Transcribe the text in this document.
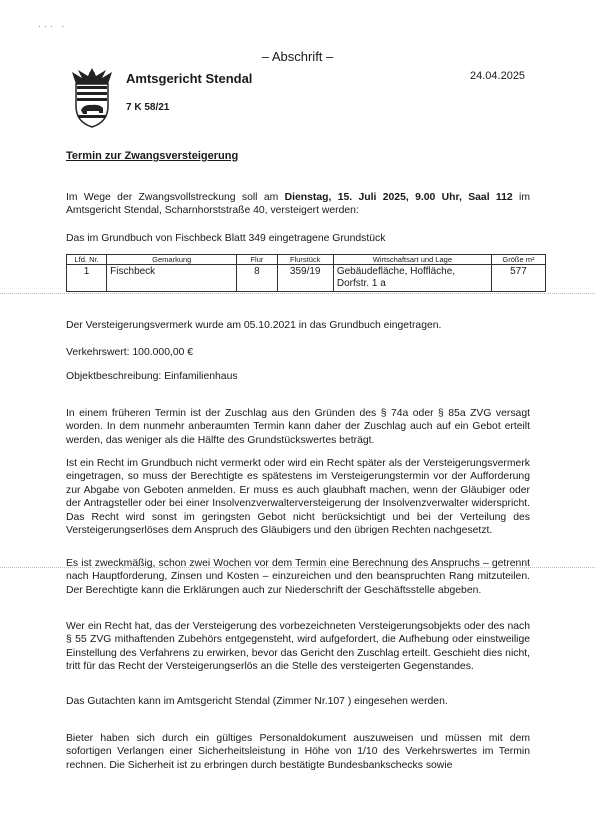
··· ·
– Abschrift –
Amtsgericht Stendal	24.04.2025
7 K 58/21
Termin zur Zwangsversteigerung
Im Wege der Zwangsvollstreckung soll am Dienstag, 15. Juli 2025, 9.00 Uhr, Saal 112 im Amtsgericht Stendal, Scharnhorststraße 40, versteigert werden:
Das im Grundbuch von Fischbeck Blatt 349 eingetragene Grundstück
Lfd. Nr.	Gemarkung	Flur	Flurstück	Wirtschaftsart und Lage	Größe m²
1	Fischbeck	8	359/19	Gebäudefläche, Hoffläche, Dorfstr. 1 a	577
Der Versteigerungsvermerk wurde am 05.10.2021 in das Grundbuch eingetragen.
Verkehrswert: 100.000,00 €
Objektbeschreibung: Einfamilienhaus
In einem früheren Termin ist der Zuschlag aus den Gründen des § 74a oder § 85a ZVG versagt worden. In dem nunmehr anberaumten Termin kann daher der Zuschlag auch auf ein Gebot erteilt werden, das weniger als die Hälfte des Grundstückswertes beträgt.
Ist ein Recht im Grundbuch nicht vermerkt oder wird ein Recht später als der Versteigerungsvermerk eingetragen, so muss der Berechtigte es spätestens im Versteigerungstermin vor der Aufforderung zur Abgabe von Geboten anmelden. Er muss es auch glaubhaft machen, wenn der Gläubiger oder der Antragsteller oder bei einer Insolvenzverwalterversteigerung der Insolvenzverwalter widerspricht. Das Recht wird sonst im geringsten Gebot nicht berücksichtigt und bei der Verteilung des Versteigerungserlöses dem Anspruch des Gläubigers und den übrigen Rechten nachgesetzt.
Es ist zweckmäßig, schon zwei Wochen vor dem Termin eine Berechnung des Anspruchs – getrennt nach Hauptforderung, Zinsen und Kosten – einzureichen und den beanspruchten Rang mitzuteilen. Der Berechtigte kann die Erklärungen auch zur Niederschrift der Geschäftsstelle abgeben.
Wer ein Recht hat, das der Versteigerung des vorbezeichneten Versteigerungsobjekts oder des nach § 55 ZVG mithaftenden Zubehörs entgegensteht, wird aufgefordert, die Aufhebung oder einstweilige Einstellung des Verfahrens zu erwirken, bevor das Gericht den Zuschlag erteilt. Geschieht dies nicht, tritt für das Recht der Versteigerungserlös an die Stelle des versteigerten Gegenstandes.
Das Gutachten kann im Amtsgericht Stendal (Zimmer Nr.107 ) eingesehen werden.
Bieter haben sich durch ein gültiges Personaldokument auszuweisen und müssen mit dem sofortigen Verlangen einer Sicherheitsleistung in Höhe von 1/10 des Verkehrswertes im Termin rechnen. Die Sicherheit ist zu erbringen durch bestätigte Bundesbankschecks sowie
